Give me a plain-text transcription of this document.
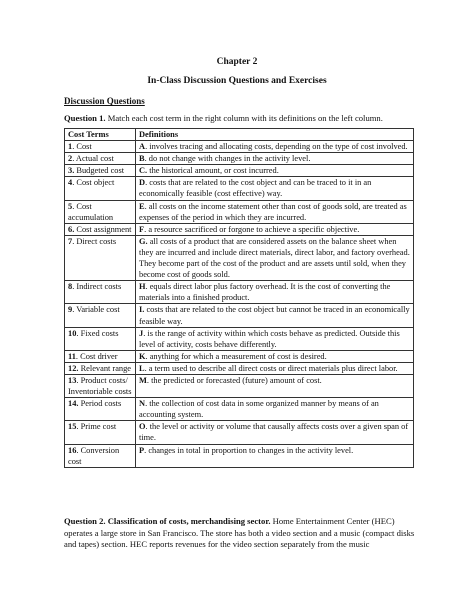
Chapter 2
In-Class Discussion Questions and Exercises
Discussion Questions
Question 1. Match each cost term in the right column with its definitions on the left column.
Cost Terms	Definitions
1. Cost	A. involves tracing and allocating costs, depending on the type of cost involved.
2. Actual cost	B. do not change with changes in the activity level.
3. Budgeted cost	C. the historical amount, or cost incurred.
4. Cost object	D. costs that are related to the cost object and can be traced to it in an economically feasible (cost effective) way.
5. Cost accumulation	E. all costs on the income statement other than cost of goods sold, are treated as expenses of the period in which they are incurred.
6. Cost assignment	F. a resource sacrificed or forgone to achieve a specific objective.
7. Direct costs	G. all costs of a product that are considered assets on the balance sheet when they are incurred and include direct materials, direct labor, and factory overhead. They become part of the cost of the product and are assets until sold, when they become cost of goods sold.
8. Indirect costs	H. equals direct labor plus factory overhead. It is the cost of converting the materials into a finished product.
9. Variable cost	I. costs that are related to the cost object but cannot be traced in an economically feasible way.
10. Fixed costs	J. is the range of activity within which costs behave as predicted. Outside this level of activity, costs behave differently.
11. Cost driver	K. anything for which a measurement of cost is desired.
12. Relevant range	L. a term used to describe all direct costs or direct materials plus direct labor.
13. Product costs/ Inventoriable costs	M. the predicted or forecasted (future) amount of cost.
14. Period costs	N. the collection of cost data in some organized manner by means of an accounting system.
15. Prime cost	O. the level or activity or volume that causally affects costs over a given span of time.
16. Conversion cost	P. changes in total in proportion to changes in the activity level.
Question 2. Classification of costs, merchandising sector. Home Entertainment Center (HEC) operates a large store in San Francisco. The store has both a video section and a music (compact disks and tapes) section. HEC reports revenues for the video section separately from the music
